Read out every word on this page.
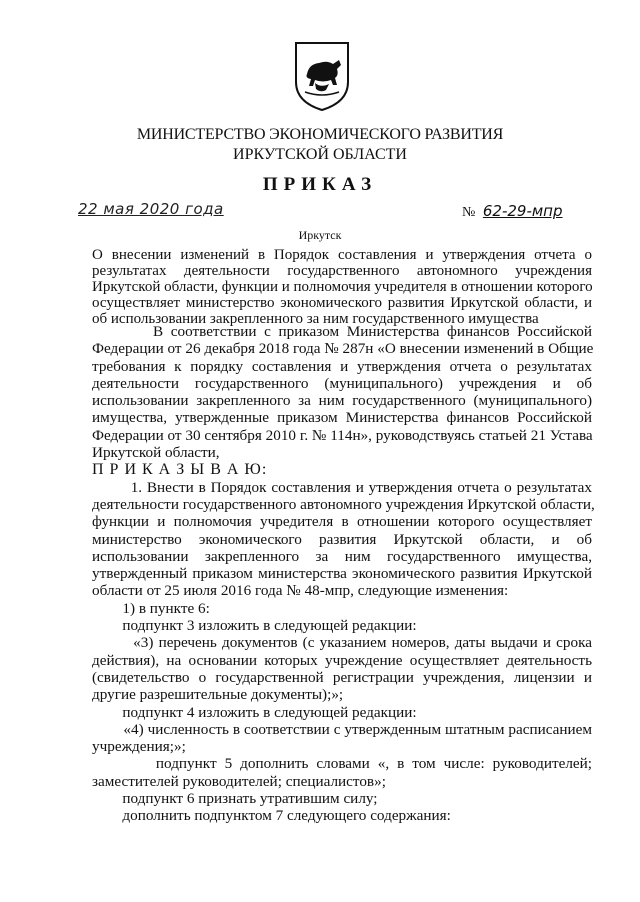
МИНИСТЕРСТВО ЭКОНОМИЧЕСКОГО РАЗВИТИЯ
ИРКУТСКОЙ ОБЛАСТИ
ПРИКАЗ
22 мая 2020 года	№ 62-29-мпр
Иркутск
О внесении изменений в Порядок составления и утверждения отчета о
результатах деятельности государственного автономного учреждения
Иркутской области, функции и полномочия учредителя в отношении которого
осуществляет министерство экономического развития Иркутской области, и
об использовании закрепленного за ним государственного имущества
В соответствии с приказом Министерства финансов Российской
Федерации от 26 декабря 2018 года № 287н «О внесении изменений в Общие
требования к порядку составления и утверждения отчета о результатах
деятельности государственного (муниципального) учреждения и об
использовании закрепленного за ним государственного (муниципального)
имущества, утвержденные приказом Министерства финансов Российской
Федерации от 30 сентября 2010 г. № 114н», руководствуясь статьей 21 Устава
Иркутской области,
П Р И К А З Ы В А Ю:
1. Внести в Порядок составления и утверждения отчета о результатах
деятельности государственного автономного учреждения Иркутской области,
функции и полномочия учредителя в отношении которого осуществляет
министерство экономического развития Иркутской области, и об
использовании закрепленного за ним государственного имущества,
утвержденный приказом министерства экономического развития Иркутской
области от 25 июля 2016 года № 48-мпр, следующие изменения:
1) в пункте 6:
подпункт 3 изложить в следующей редакции:
«3) перечень документов (с указанием номеров, даты выдачи и срока
действия), на основании которых учреждение осуществляет деятельность
(свидетельство о государственной регистрации учреждения, лицензии и
другие разрешительные документы);»;
подпункт 4 изложить в следующей редакции:
«4) численность в соответствии с утвержденным штатным расписанием
учреждения;»;
подпункт 5 дополнить словами «, в том числе: руководителей;
заместителей руководителей; специалистов»;
подпункт 6 признать утратившим силу;
дополнить подпунктом 7 следующего содержания:
